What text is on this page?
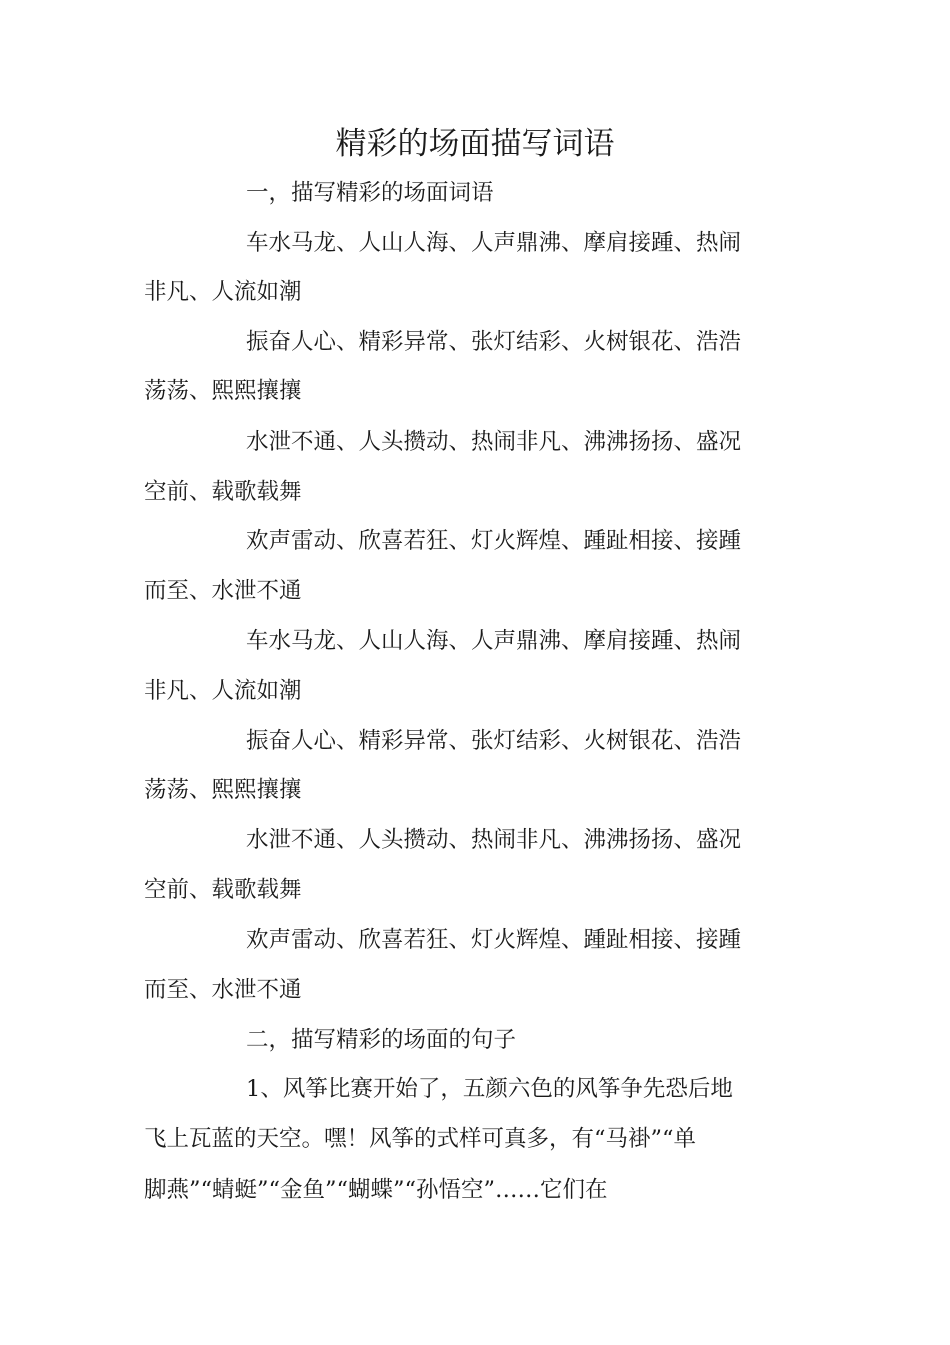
精彩的场面描写词语
一，描写精彩的场面词语
车水马龙、人山人海、人声鼎沸、摩肩接踵、热闹
非凡、人流如潮
振奋人心、精彩异常、张灯结彩、火树银花、浩浩
荡荡、熙熙攘攘
水泄不通、人头攒动、热闹非凡、沸沸扬扬、盛况
空前、载歌载舞
欢声雷动、欣喜若狂、灯火辉煌、踵趾相接、接踵
而至、水泄不通
车水马龙、人山人海、人声鼎沸、摩肩接踵、热闹
非凡、人流如潮
振奋人心、精彩异常、张灯结彩、火树银花、浩浩
荡荡、熙熙攘攘
水泄不通、人头攒动、热闹非凡、沸沸扬扬、盛况
空前、载歌载舞
欢声雷动、欣喜若狂、灯火辉煌、踵趾相接、接踵
而至、水泄不通
二，描写精彩的场面的句子
1、风筝比赛开始了，五颜六色的风筝争先恐后地
飞上瓦蓝的天空。嘿！风筝的式样可真多，有“马褂”“单
脚燕”“蜻蜓”“金鱼”“蝴蝶”“孙悟空”……它们在
